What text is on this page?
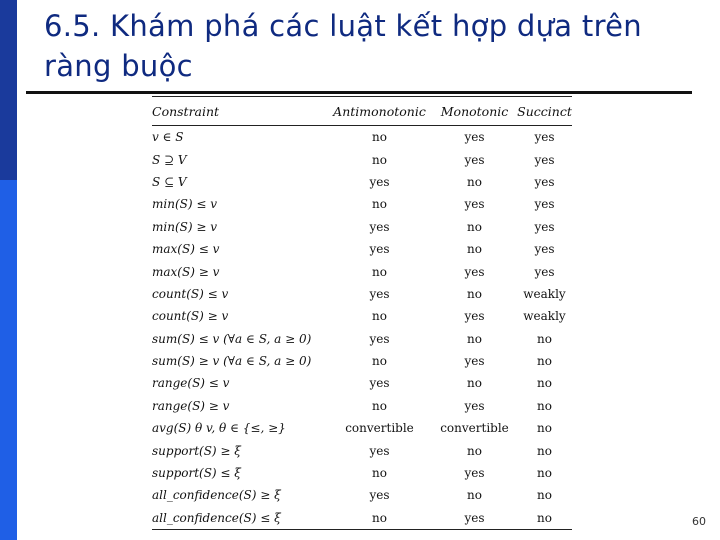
6.5. Khám phá các luật kết hợp dựa trên
ràng buộc
Constraint	Antimonotonic	Monotonic	Succinct
v ∈ S	no	yes	yes
S ⊇ V	no	yes	yes
S ⊆ V	yes	no	yes
min(S) ≤ v	no	yes	yes
min(S) ≥ v	yes	no	yes
max(S) ≤ v	yes	no	yes
max(S) ≥ v	no	yes	yes
count(S) ≤ v	yes	no	weakly
count(S) ≥ v	no	yes	weakly
sum(S) ≤ v (∀a ∈ S, a ≥ 0)	yes	no	no
sum(S) ≥ v (∀a ∈ S, a ≥ 0)	no	yes	no
range(S) ≤ v	yes	no	no
range(S) ≥ v	no	yes	no
avg(S) θ v, θ ∈ {≤, ≥}	convertible	convertible	no
support(S) ≥ ξ	yes	no	no
support(S) ≤ ξ	no	yes	no
all_confidence(S) ≥ ξ	yes	no	no
all_confidence(S) ≤ ξ	no	yes	no	60
